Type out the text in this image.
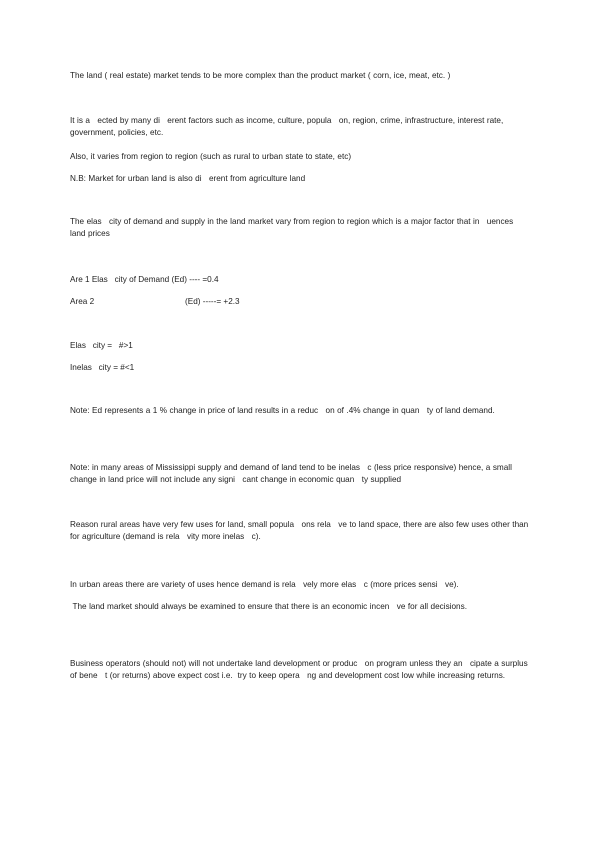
The land ( real estate) market tends to be more complex than the product market ( corn, ice, meat, etc. )

It is a   ected by many di   erent factors such as income, culture, popula   on, region, crime, infrastructure, interest rate, government, policies, etc.

Also, it varies from region to region (such as rural to urban state to state, etc)

N.B: Market for urban land is also di   erent from agriculture land

The elas   city of demand and supply in the land market vary from region to region which is a major factor that in   uences land prices

Are 1 Elas   city of Demand (Ed) ---- =0.4
Area 2	(Ed) -----= +2.3
Elas   city =   #>1
Inelas   city = #<1

Note: Ed represents a 1 % change in price of land results in a reduc   on of .4% change in quan   ty of land demand.

Note: in many areas of Mississippi supply and demand of land tend to be inelas   c (less price responsive) hence, a small change in land price will not include any signi   cant change in economic quan   ty supplied

Reason rural areas have very few uses for land, small popula   ons rela   ve to land space, there are also few uses other than for agriculture (demand is rela   vity more inelas   c).

In urban areas there are variety of uses hence demand is rela   vely more elas   c (more prices sensi   ve).

The land market should always be examined to ensure that there is an economic incen   ve for all decisions.

Business operators (should not) will not undertake land development or produc   on program unless they an   cipate a surplus of bene   t (or returns) above expect cost i.e.  try to keep opera   ng and development cost low while increasing returns.
